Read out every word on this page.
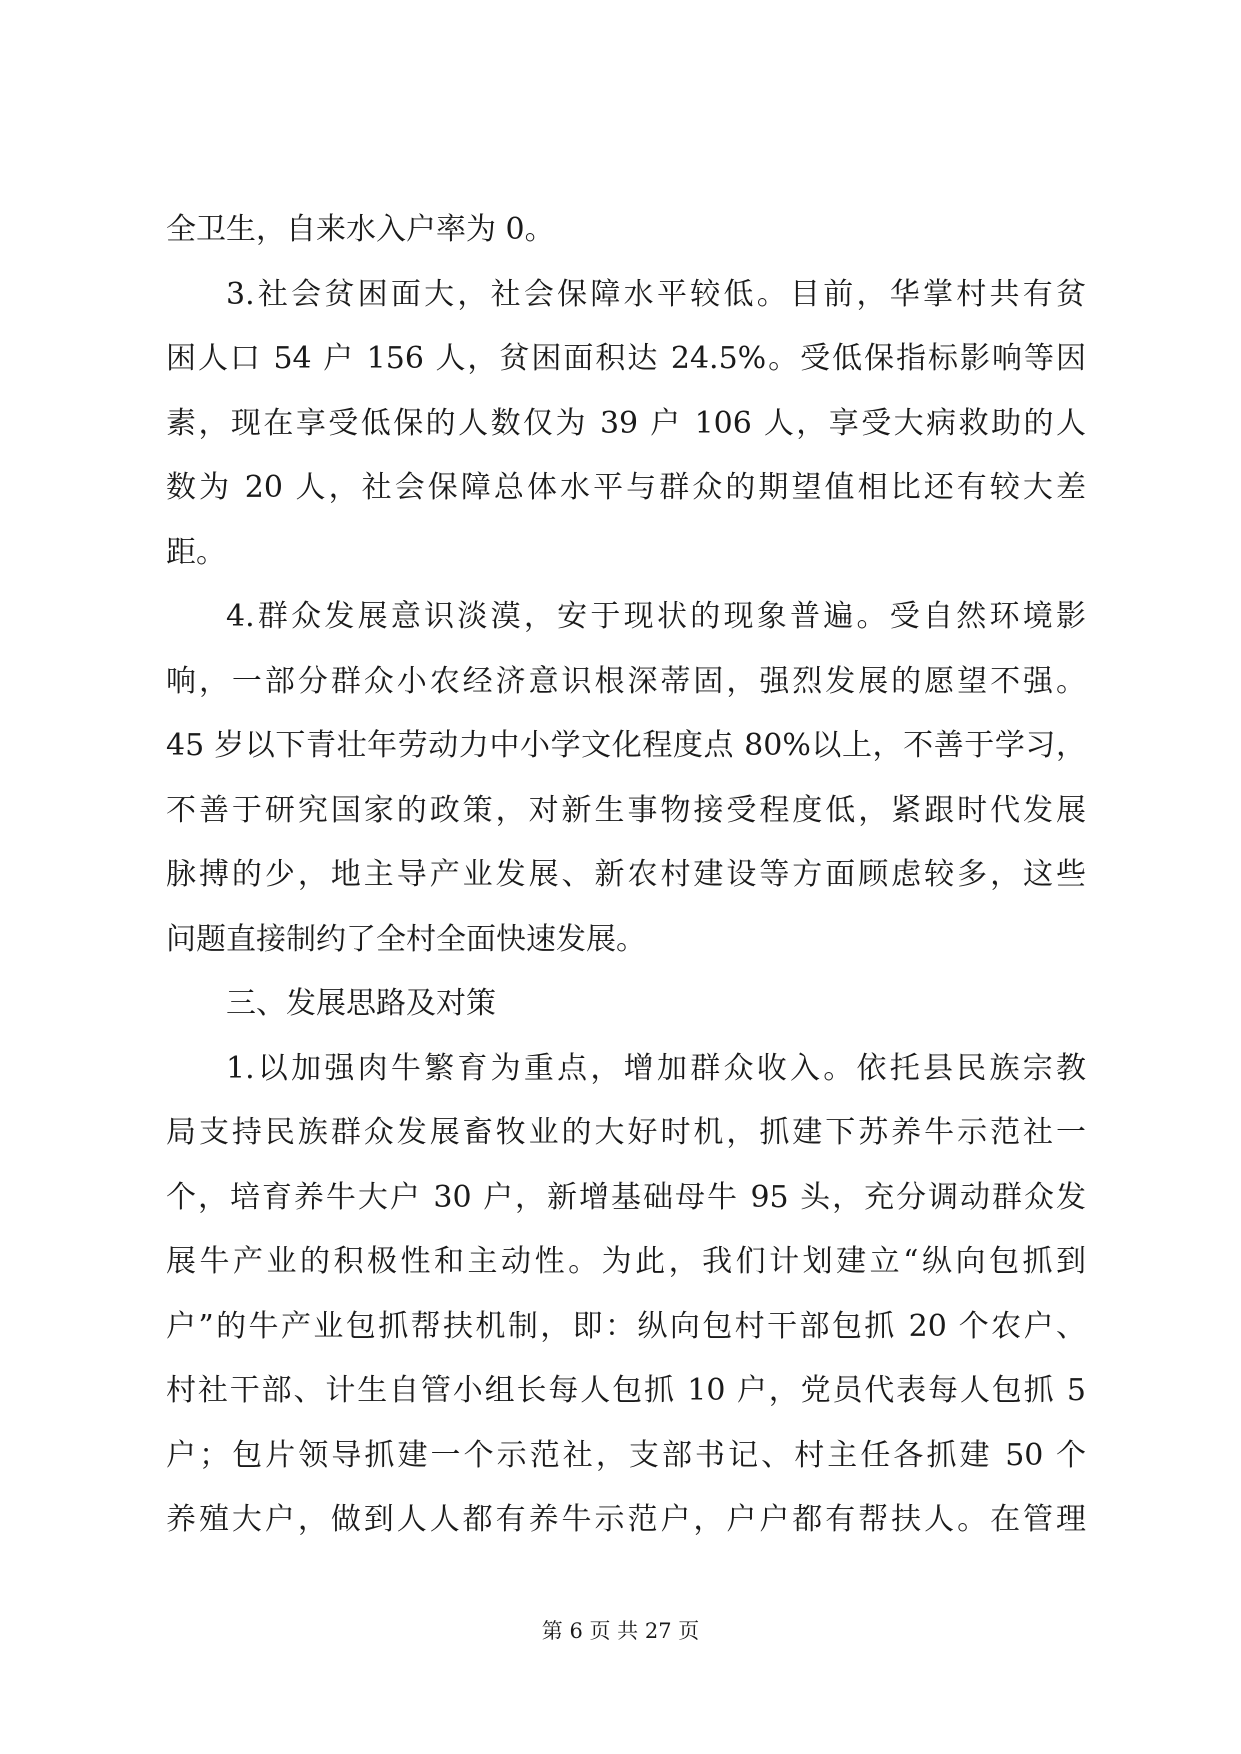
全卫生，自来水入户率为 0。
3.社会贫困面大，社会保障水平较低。目前，华掌村共有贫
困人口 54 户 156 人，贫困面积达 24.5%。受低保指标影响等因
素，现在享受低保的人数仅为 39 户 106 人，享受大病救助的人
数为 20 人，社会保障总体水平与群众的期望值相比还有较大差
距。
4.群众发展意识淡漠，安于现状的现象普遍。受自然环境影
响，一部分群众小农经济意识根深蒂固，强烈发展的愿望不强。
45 岁以下青壮年劳动力中小学文化程度点 80%以上，不善于学习，
不善于研究国家的政策，对新生事物接受程度低，紧跟时代发展
脉搏的少，地主导产业发展、新农村建设等方面顾虑较多，这些
问题直接制约了全村全面快速发展。
三、发展思路及对策
1.以加强肉牛繁育为重点，增加群众收入。依托县民族宗教
局支持民族群众发展畜牧业的大好时机，抓建下苏养牛示范社一
个，培育养牛大户 30 户，新增基础母牛 95 头，充分调动群众发
展牛产业的积极性和主动性。为此，我们计划建立“纵向包抓到
户”的牛产业包抓帮扶机制，即：纵向包村干部包抓 20 个农户、
村社干部、计生自管小组长每人包抓 10 户，党员代表每人包抓 5
户；包片领导抓建一个示范社，支部书记、村主任各抓建 50 个
养殖大户，做到人人都有养牛示范户，户户都有帮扶人。在管理
第 6 页 共 27 页
